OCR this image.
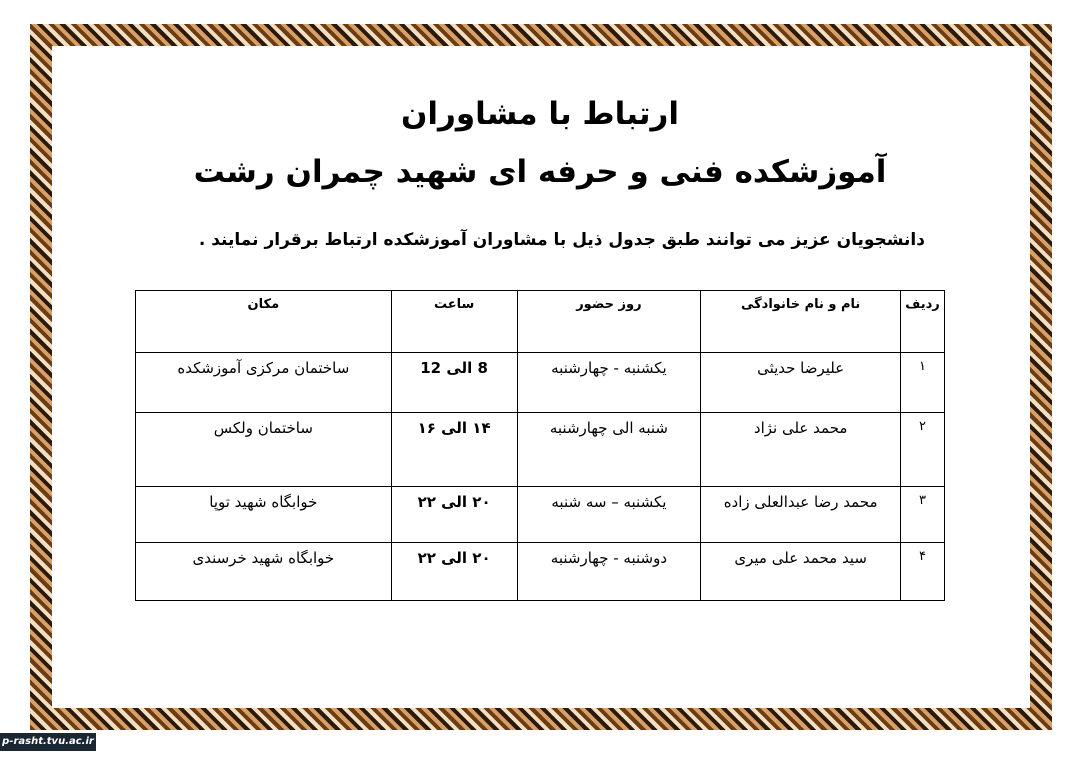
ارتباط با مشاوران
آموزشکده فنی و حرفه ای شهید چمران رشت
دانشجویان عزیز می توانند طبق جدول ذیل با مشاوران آموزشکده ارتباط برقرار نمایند .
ردیف	نام و نام خانوادگی	روز حضور	ساعت	مکان
۱	علیرضا حدیثی	یکشنبه - چهارشنبه	8 الی 12	ساختمان مرکزی آموزشکده
۲	محمد علی نژاد	شنبه الی چهارشنبه	۱۴ الی ۱۶	ساختمان ولکس
۳	محمد رضا عبدالعلی زاده	یکشنبه – سه شنبه	۲۰ الی ۲۲	خوابگاه شهید توپا
۴	سید محمد علی میری	دوشنبه - چهارشنبه	۲۰ الی ۲۲	خوابگاه شهید خرسندی
p-rasht.tvu.ac.ir
